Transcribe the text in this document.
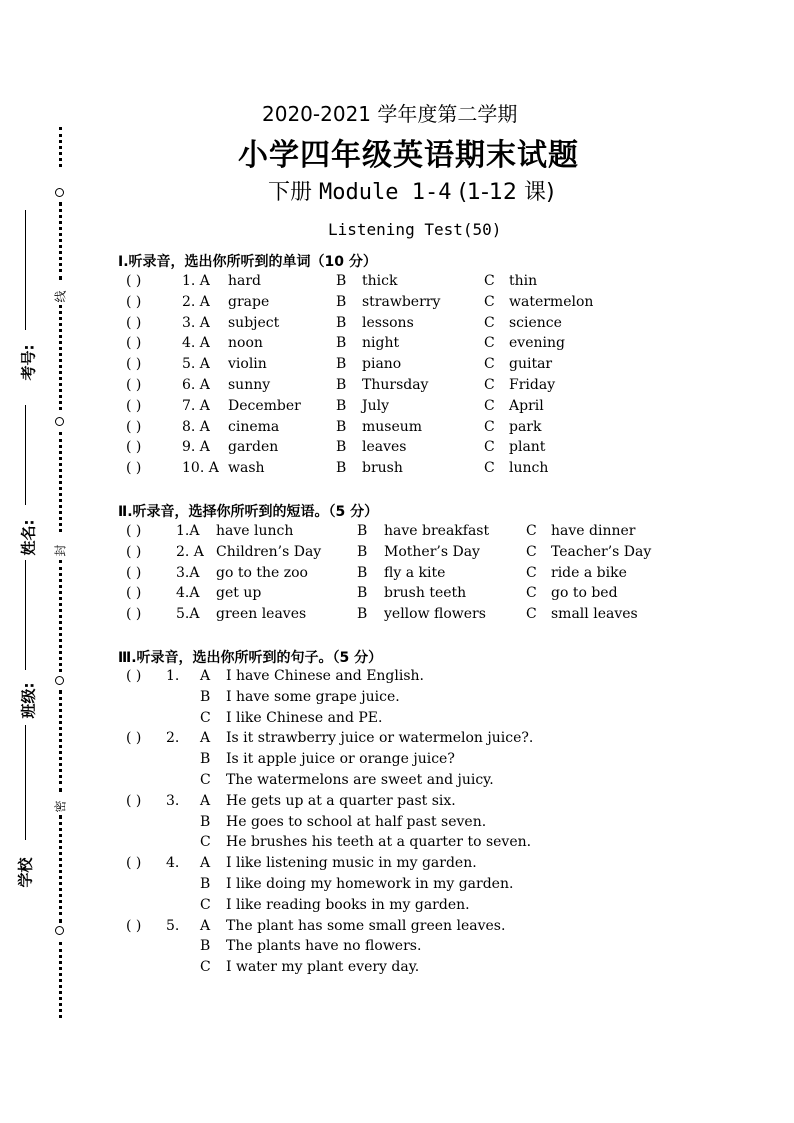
线
封
密
考号:
姓名:
班级:
学校
2020-2021 学年度第二学期
小学四年级英语期末试题
下册 Module 1-4 (1-12 课)
Listening Test(50)
Ⅰ.听录音，选出你所听到的单词（10 分）
( )	1. A hard	B thick	C thin
( )	2. A grape	B strawberry	C watermelon
( )	3. A subject	B lessons	C science
( )	4. A noon	B night	C evening
( )	5. A violin	B piano	C guitar
( )	6. A sunny	B Thursday	C Friday
( )	7. A December	B July	C April
( )	8. A cinema	B museum	C park
( )	9. A garden	B leaves	C plant
( )	10. A wash	B brush	C lunch
Ⅱ.听录音，选择你所听到的短语。（5 分）
( ) 1.A have lunch	B have breakfast	C have dinner
( ) 2. A Children’s Day	B Mother’s Day	C Teacher’s Day
( ) 3.A go to the zoo	B fly a kite	C ride a bike
( ) 4.A get up	B brush teeth	C go to bed
( ) 5.A green leaves	B yellow flowers	C small leaves
Ⅲ.听录音，选出你所听到的句子。（5 分）
( ) 1. A I have Chinese and English.
B I have some grape juice.
C I like Chinese and PE.
( ) 2. A Is it strawberry juice or watermelon juice?.
B Is it apple juice or orange juice?
C The watermelons are sweet and juicy.
( ) 3. A He gets up at a quarter past six.
B He goes to school at half past seven.
C He brushes his teeth at a quarter to seven.
( ) 4. A I like listening music in my garden.
B I like doing my homework in my garden.
C I like reading books in my garden.
( ) 5. A The plant has some small green leaves.
B The plants have no flowers.
C I water my plant every day.
